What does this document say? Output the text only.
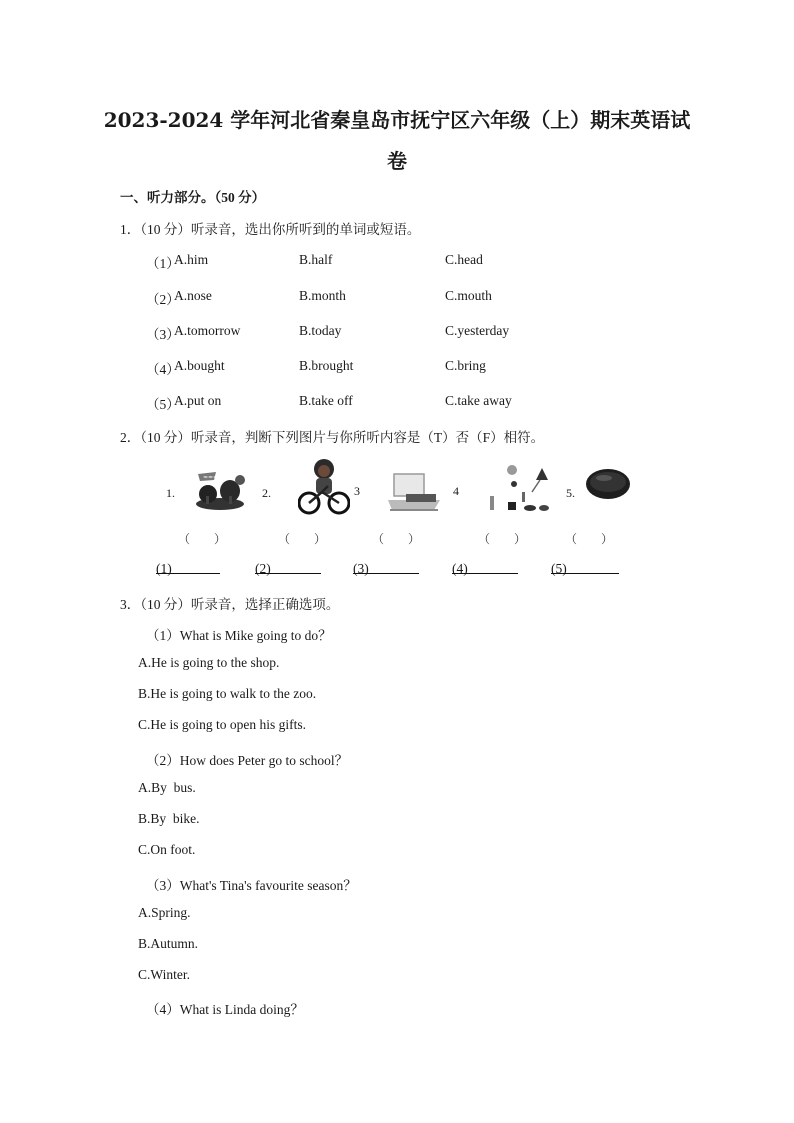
2023-2024 学年河北省秦皇岛市抚宁区六年级（上）期末英语试
卷
一、听力部分。（50 分）
1．（10 分）听录音，选出你所听到的单词或短语。
（1）
A.him	B.half	C.head
（2）
A.nose	B.month	C.mouth
（3）
A.tomorrow	B.today	C.yesterday
（4）
A.bought	B.brought	C.bring
（5）
A.put on	B.take off	C.take away
2．（10 分）听录音，判断下列图片与你所听内容是（T）否（F）相符。
1.
≈≈≈
2.	3	4	5.
（　　）	（　　）	（　　）	（　　）	（　　）
(1)	(2)	(3)	(4)	(5)
3．（10 分）听录音，选择正确选项。
（1）What is Mike going to do？
A.He is going to the shop.
B.He is going to walk to the zoo.
C.He is going to open his gifts.
（2）How does Peter go to school？
A.By  bus.
B.By  bike.
C.On foot.
（3）What's Tina's favourite season？
A.Spring.
B.Autumn.
C.Winter.
（4）What is Linda doing？
